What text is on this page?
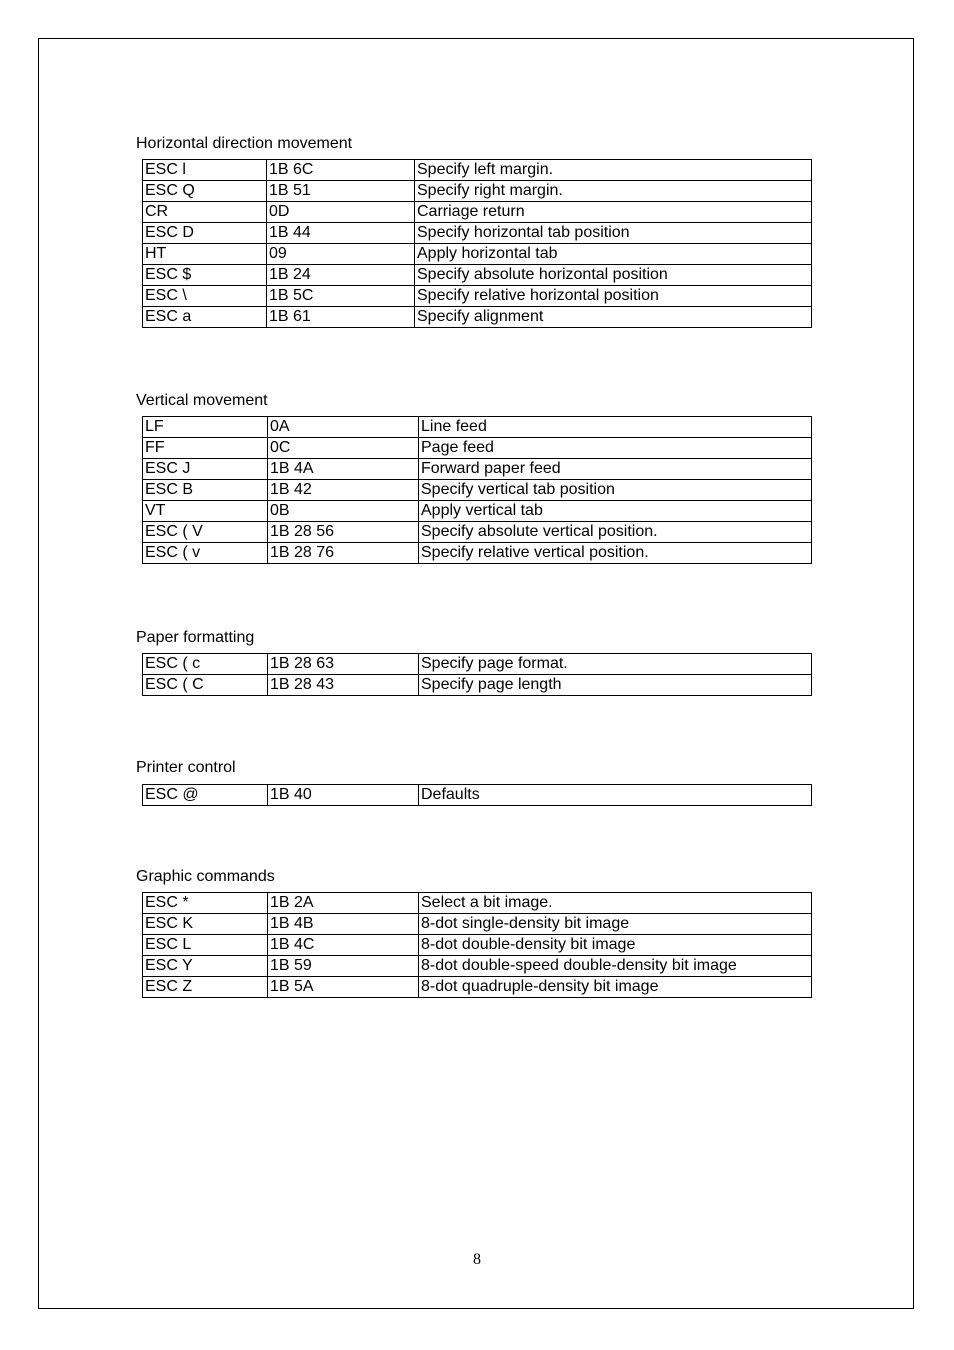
Horizontal direction movement
ESC l	1B 6C	Specify left margin.
ESC Q	1B 51	Specify right margin.
CR	0D	Carriage return
ESC D	1B 44	Specify horizontal tab position
HT	09	Apply horizontal tab
ESC $	1B 24	Specify absolute horizontal position
ESC \	1B 5C	Specify relative horizontal position
ESC a	1B 61	Specify alignment
Vertical movement
LF	0A	Line feed
FF	0C	Page feed
ESC J	1B 4A	Forward paper feed
ESC B	1B 42	Specify vertical tab position
VT	0B	Apply vertical tab
ESC ( V	1B 28 56	Specify absolute vertical position.
ESC ( v	1B 28 76	Specify relative vertical position.
Paper formatting
ESC ( c	1B 28 63	Specify page format.
ESC ( C	1B 28 43	Specify page length
Printer control
ESC @	1B 40	Defaults
Graphic commands
ESC *	1B 2A	Select a bit image.
ESC K	1B 4B	8-dot single-density bit image
ESC L	1B 4C	8-dot double-density bit image
ESC Y	1B 59	8-dot double-speed double-density bit image
ESC Z	1B 5A	8-dot quadruple-density bit image
8
